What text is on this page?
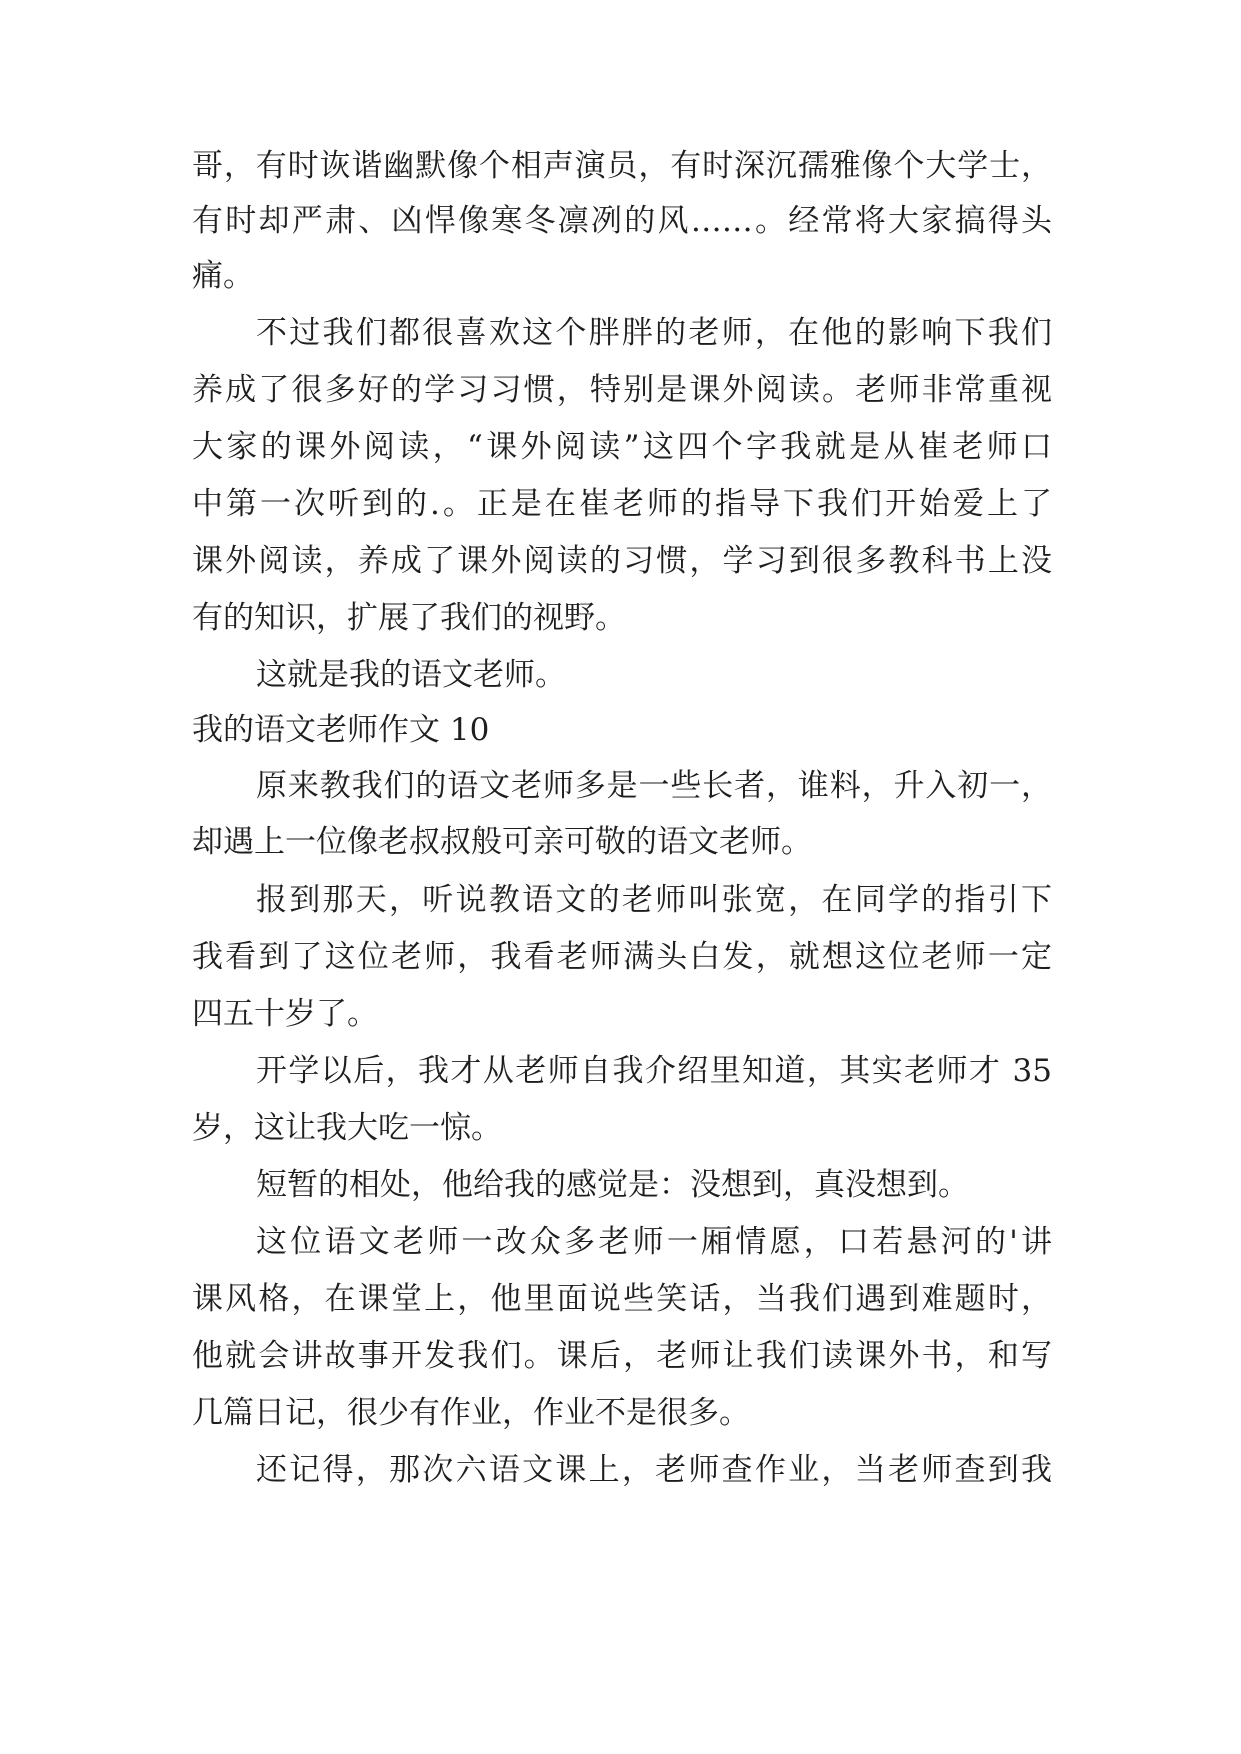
哥，有时诙谐幽默像个相声演员，有时深沉孺雅像个大学士，
有时却严肃、凶悍像寒冬凛冽的风……。经常将大家搞得头
痛。
不过我们都很喜欢这个胖胖的老师，在他的影响下我们
养成了很多好的学习习惯，特别是课外阅读。老师非常重视
大家的课外阅读，“课外阅读”这四个字我就是从崔老师口
中第一次听到的.。正是在崔老师的指导下我们开始爱上了
课外阅读，养成了课外阅读的习惯，学习到很多教科书上没
有的知识，扩展了我们的视野。
这就是我的语文老师。
我的语文老师作文 10
原来教我们的语文老师多是一些长者，谁料，升入初一，
却遇上一位像老叔叔般可亲可敬的语文老师。
报到那天，听说教语文的老师叫张宽，在同学的指引下
我看到了这位老师，我看老师满头白发，就想这位老师一定
四五十岁了。
开学以后，我才从老师自我介绍里知道，其实老师才 35
岁，这让我大吃一惊。
短暂的相处，他给我的感觉是：没想到，真没想到。
这位语文老师一改众多老师一厢情愿，口若悬河的'讲
课风格，在课堂上，他里面说些笑话，当我们遇到难题时，
他就会讲故事开发我们。课后，老师让我们读课外书，和写
几篇日记，很少有作业，作业不是很多。
还记得，那次六语文课上，老师查作业，当老师查到我
